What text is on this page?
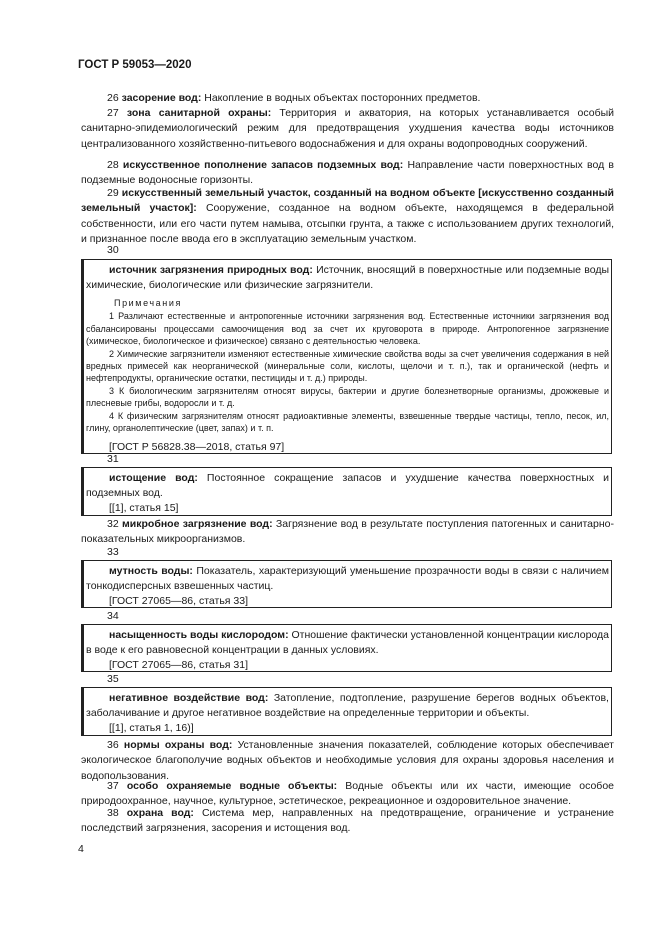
ГОСТ Р 59053—2020

26 засорение вод: Накопление в водных объектах посторонних предметов.

27 зона санитарной охраны: Территория и акватория, на которых устанавливается особый санитарно-эпидемиологический режим для предотвращения ухудшения качества воды источников централизованного хозяйственно-питьевого водоснабжения и для охраны водопроводных сооружений.

28 искусственное пополнение запасов подземных вод: Направление части поверхностных вод в подземные водоносные горизонты.

29 искусственный земельный участок, созданный на водном объекте [искусственно созданный земельный участок]: Сооружение, созданное на водном объекте, находящемся в федеральной собственности, или его части путем намыва, отсыпки грунта, а также с использованием других технологий, и признанное после ввода его в эксплуатацию земельным участком.

30

источник загрязнения природных вод: Источник, вносящий в поверхностные или подземные воды химические, биологические или физические загрязнители.

Примечания

1 Различают естественные и антропогенные источники загрязнения вод. Естественные источники загрязнения вод сбалансированы процессами самоочищения вод за счет их круговорота в природе. Антропогенное загрязнение (химическое, биологическое и физическое) связано с деятельностью человека.

2 Химические загрязнители изменяют естественные химические свойства воды за счет увеличения содержания в ней вредных примесей как неорганической (минеральные соли, кислоты, щелочи и т. п.), так и органической (нефть и нефтепродукты, органические остатки, пестициды и т. д.) природы.

3 К биологическим загрязнителям относят вирусы, бактерии и другие болезнетворные организмы, дрожжевые и плесневые грибы, водоросли и т. д.

4 К физическим загрязнителям относят радиоактивные элементы, взвешенные твердые частицы, тепло, песок, ил, глину, органолептические (цвет, запах) и т. п.

[ГОСТ Р 56828.38—2018, статья 97]

31

истощение вод: Постоянное сокращение запасов и ухудшение качества поверхностных и подземных вод.

[[1], статья 15]

32 микробное загрязнение вод: Загрязнение вод в результате поступления патогенных и санитарно-показательных микроорганизмов.

33

мутность воды: Показатель, характеризующий уменьшение прозрачности воды в связи с наличием тонкодисперсных взвешенных частиц.

[ГОСТ 27065—86, статья 33]

34

насыщенность воды кислородом: Отношение фактически установленной концентрации кислорода в воде к его равновесной концентрации в данных условиях.

[ГОСТ 27065—86, статья 31]

35

негативное воздействие вод: Затопление, подтопление, разрушение берегов водных объектов, заболачивание и другое негативное воздействие на определенные территории и объекты.

[[1], статья 1, 16)]

36 нормы охраны вод: Установленные значения показателей, соблюдение которых обеспечивает экологическое благополучие водных объектов и необходимые условия для охраны здоровья населения и водопользования.

37 особо охраняемые водные объекты: Водные объекты или их части, имеющие особое природоохранное, научное, культурное, эстетическое, рекреационное и оздоровительное значение.

38 охрана вод: Система мер, направленных на предотвращение, ограничение и устранение последствий загрязнения, засорения и истощения вод.

4
